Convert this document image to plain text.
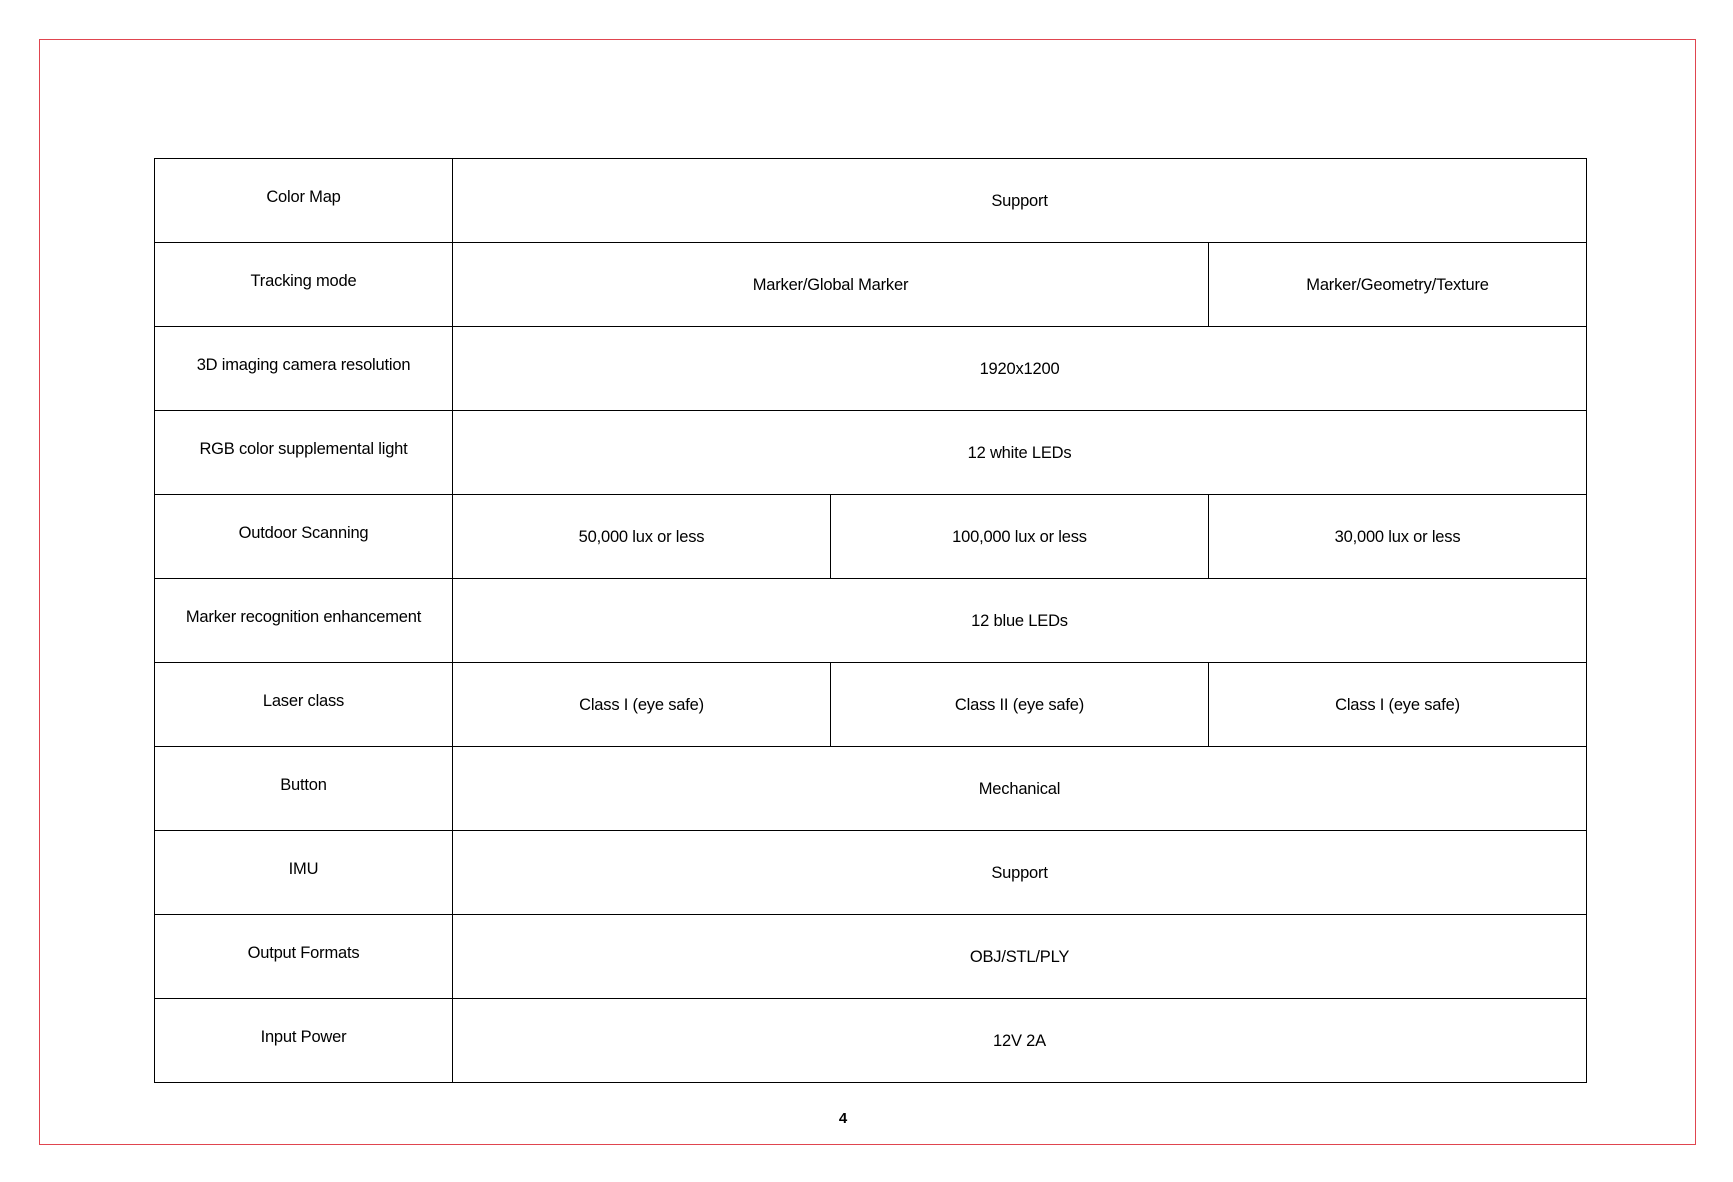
Color Map	Support		
Tracking mode	Marker/Global Marker		Marker/Geometry/Texture
3D imaging camera resolution	1920x1200		
RGB color supplemental light	12 white LEDs		
Outdoor Scanning	50,000 lux or less	100,000 lux or less	30,000 lux or less
Marker recognition enhancement	12 blue LEDs		
Laser class	Class I (eye safe)	Class II (eye safe)	Class I (eye safe)
Button	Mechanical		
IMU	Support		
Output Formats	OBJ/STL/PLY		
Input Power	12V 2A		
4
